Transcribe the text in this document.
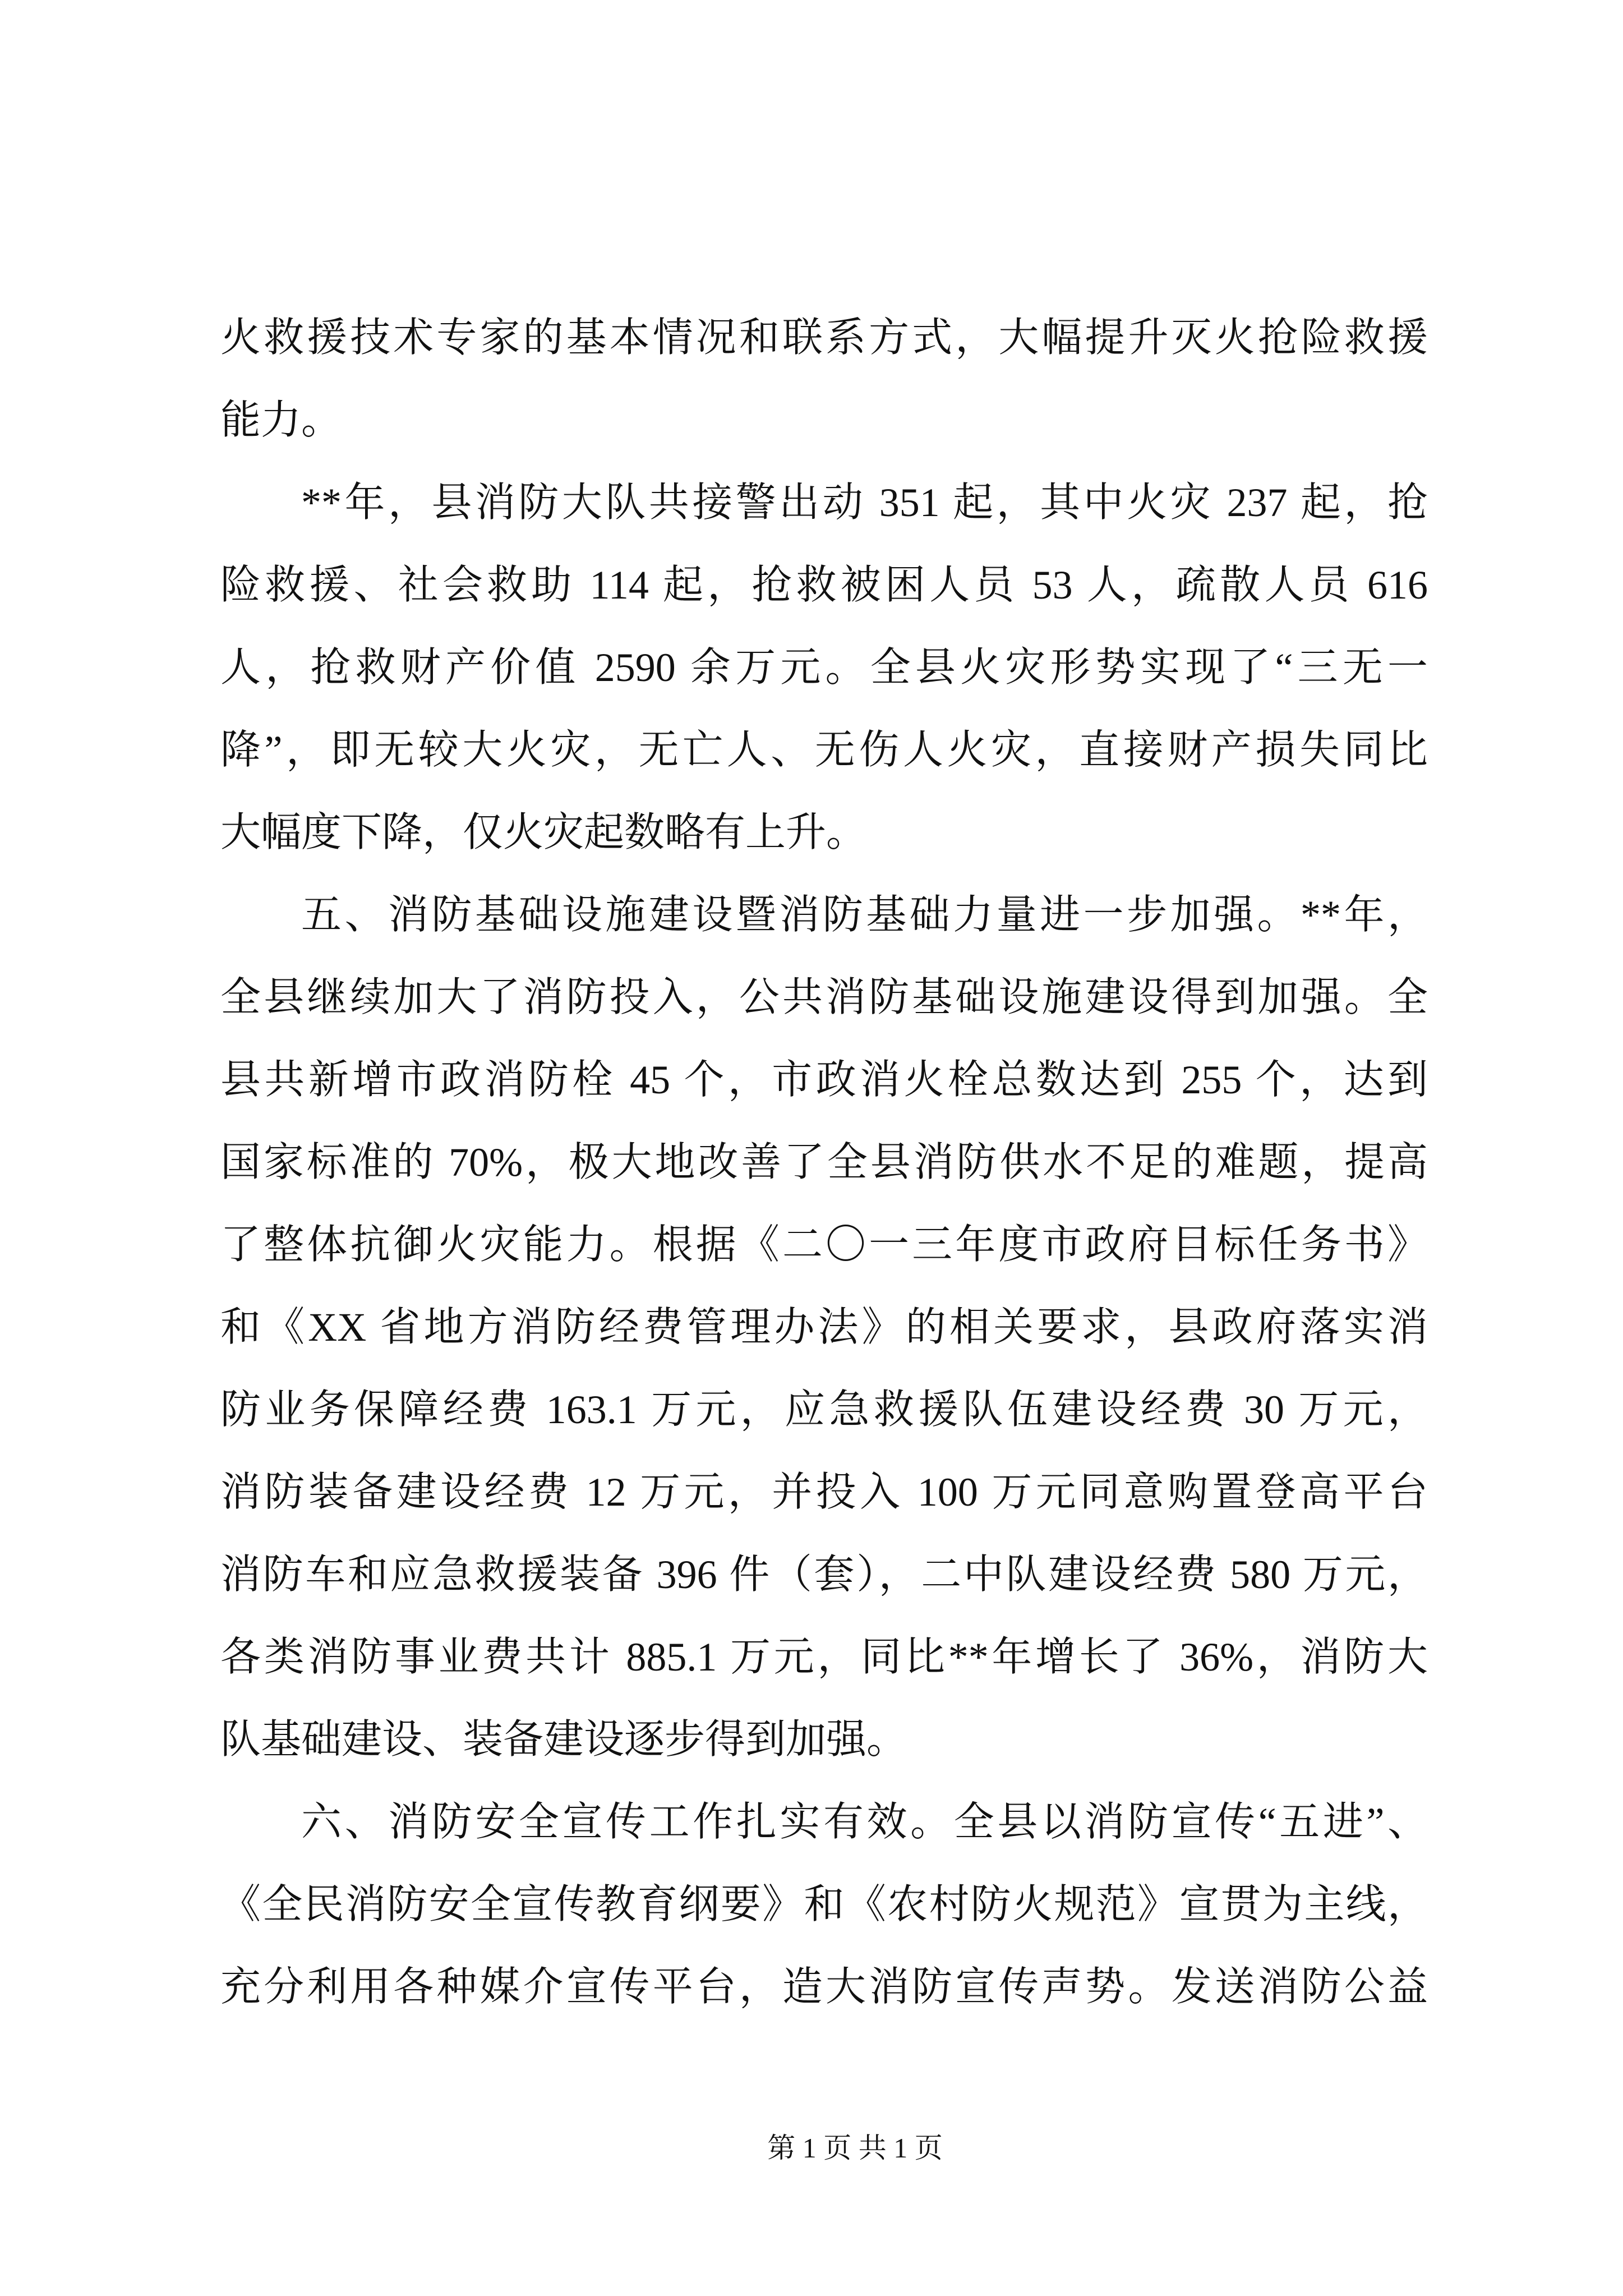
火救援技术专家的基本情况和联系方式，大幅提升灭火抢险救援
能力。
**年，县消防大队共接警出动 351 起，其中火灾 237 起，抢
险救援、社会救助 114 起，抢救被困人员 53 人，疏散人员 616
人，抢救财产价值 2590 余万元。全县火灾形势实现了“三无一
降”，即无较大火灾，无亡人、无伤人火灾，直接财产损失同比
大幅度下降，仅火灾起数略有上升。
五、消防基础设施建设暨消防基础力量进一步加强。**年，
全县继续加大了消防投入，公共消防基础设施建设得到加强。全
县共新增市政消防栓 45 个，市政消火栓总数达到 255 个，达到
国家标准的 70%，极大地改善了全县消防供水不足的难题，提高
了整体抗御火灾能力。根据《二〇一三年度市政府目标任务书》
和《XX 省地方消防经费管理办法》的相关要求，县政府落实消
防业务保障经费 163.1 万元，应急救援队伍建设经费 30 万元，
消防装备建设经费 12 万元，并投入 100 万元同意购置登高平台
消防车和应急救援装备 396 件（套），二中队建设经费 580 万元，
各类消防事业费共计 885.1 万元，同比**年增长了 36%，消防大
队基础建设、装备建设逐步得到加强。
六、消防安全宣传工作扎实有效。全县以消防宣传“五进”、
《全民消防安全宣传教育纲要》和《农村防火规范》宣贯为主线，
充分利用各种媒介宣传平台，造大消防宣传声势。发送消防公益
第 1 页 共 1 页
